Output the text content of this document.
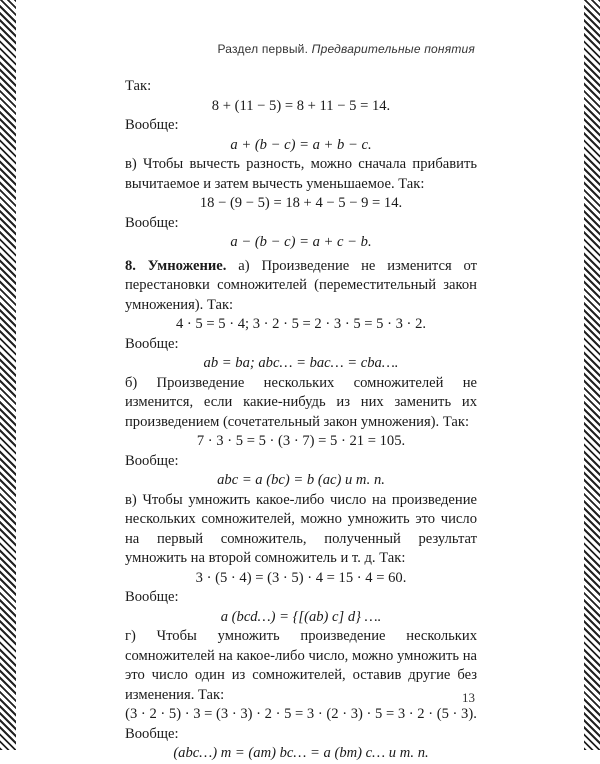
Раздел первый. Предварительные понятия

Так:

8 + (11 − 5) = 8 + 11 − 5 = 14.

Вообще:

a + (b − c) = a + b − c.

в) Чтобы вычесть разность, можно сначала прибавить вычитаемое и затем вычесть уменьшаемое. Так:

18 − (9 − 5) = 18 + 4 − 5 − 9 = 14.

Вообще:

a − (b − c) = a + c − b.

8. Умножение. а) Произведение не изменится от перестановки сомножителей (переместительный закон умножения). Так:

4 · 5 = 5 · 4; 3 · 2 · 5 = 2 · 3 · 5 = 5 · 3 · 2.

Вообще:

ab = ba; abc… = bac… = cba….

б) Произведение нескольких сомножителей не изменится, если какие-нибудь из них заменить их произведением (сочетательный закон умножения). Так:

7 · 3 · 5 = 5 · (3 · 7) = 5 · 21 = 105.

Вообще:

abc = a (bc) = b (ac) и т. п.

в) Чтобы умножить какое-либо число на произведение нескольких сомножителей, можно умножить это число на первый сомножитель, полученный результат умножить на второй сомножитель и т. д. Так:

3 · (5 · 4) = (3 · 5) · 4 = 15 · 4 = 60.

Вообще:

a (bcd…) = {[(ab) c] d} ….

г) Чтобы умножить произведение нескольких сомножителей на какое-либо число, можно умножить на это число один из сомножителей, оставив другие без изменения. Так:

(3 · 2 · 5) · 3 = (3 · 3) · 2 · 5 = 3 · (2 · 3) · 5 = 3 · 2 · (5 · 3).

Вообще:

(abc…) m = (am) bc… = a (bm) c… и т. п.

13
